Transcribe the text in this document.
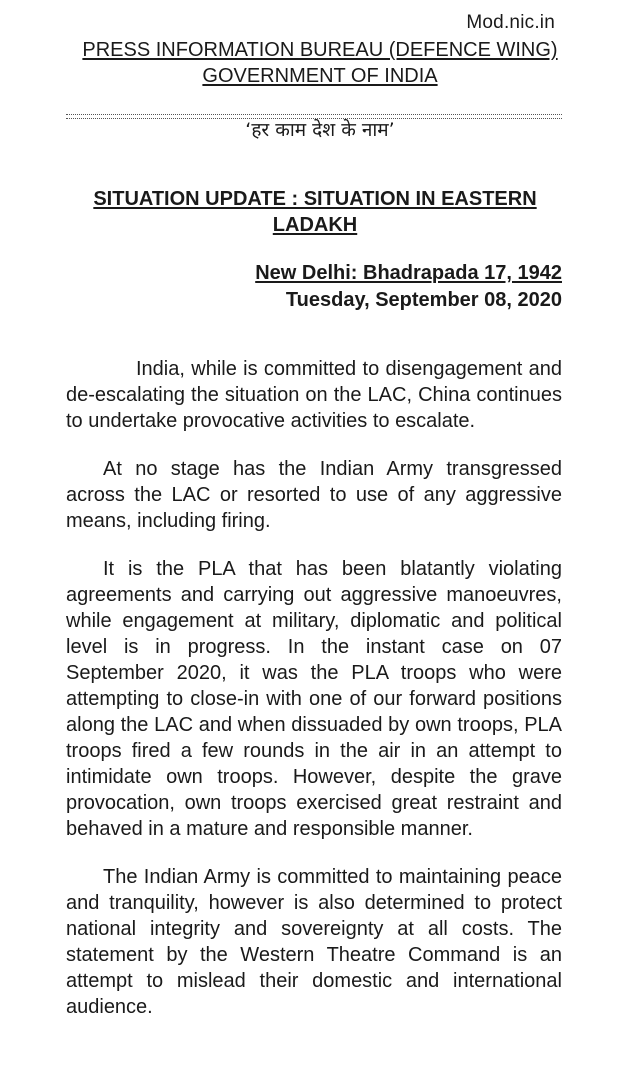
Mod.nic.in
PRESS INFORMATION BUREAU (DEFENCE WING)
GOVERNMENT OF INDIA
‘हर काम देश के नाम’
SITUATION UPDATE : SITUATION IN EASTERN LADAKH
New Delhi: Bhadrapada 17, 1942
Tuesday, September 08, 2020

India, while is committed to disengagement and de-escalating the situation on the LAC, China continues to undertake provocative activities to escalate.

At no stage has the Indian Army transgressed across the LAC or resorted to use of any aggressive means, including firing.

It is the PLA that has been blatantly violating agreements and carrying out aggressive manoeuvres, while engagement at military, diplomatic and political level is in progress. In the instant case on 07 September 2020, it was the PLA troops who were attempting to close-in with one of our forward positions along the LAC and when dissuaded by own troops, PLA troops fired a few rounds in the air in an attempt to intimidate own troops. However, despite the grave provocation, own troops exercised great restraint and behaved in a mature and responsible manner.

The Indian Army is committed to maintaining peace and tranquility, however is also determined to protect national integrity and sovereignty at all costs. The statement by the Western Theatre Command is an attempt to mislead their domestic and international audience.
